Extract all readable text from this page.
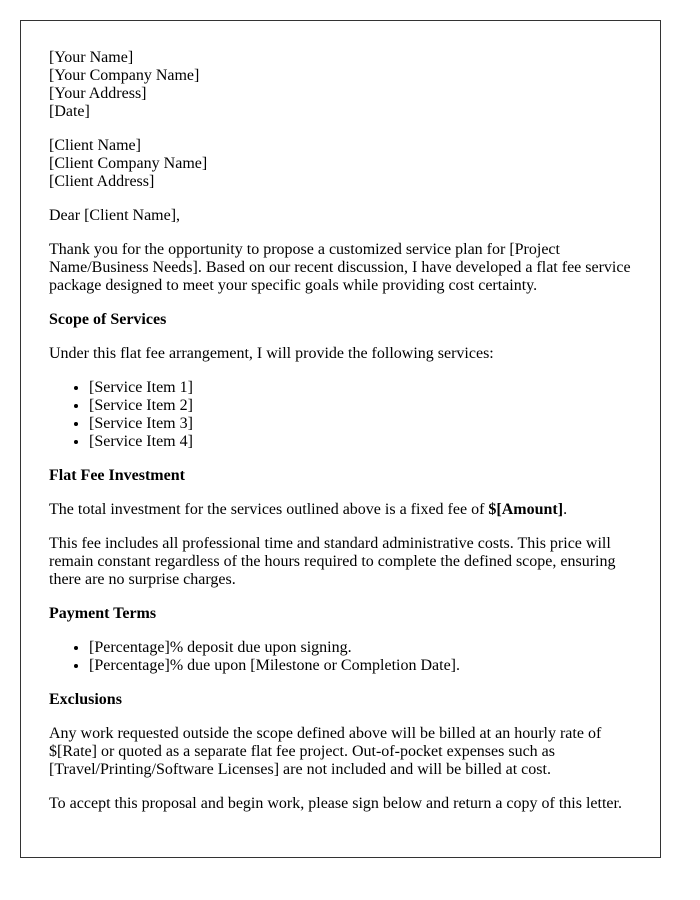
[Your Name]
[Your Company Name]
[Your Address]
[Date]

[Client Name]
[Client Company Name]
[Client Address]

Dear [Client Name],

Thank you for the opportunity to propose a customized service plan for [Project Name/Business Needs]. Based on our recent discussion, I have developed a flat fee service package designed to meet your specific goals while providing cost certainty.

Scope of Services

Under this flat fee arrangement, I will provide the following services:

• [Service Item 1]
• [Service Item 2]
• [Service Item 3]
• [Service Item 4]

Flat Fee Investment

The total investment for the services outlined above is a fixed fee of $[Amount].

This fee includes all professional time and standard administrative costs. This price will remain constant regardless of the hours required to complete the defined scope, ensuring there are no surprise charges.

Payment Terms

• [Percentage]% deposit due upon signing.
• [Percentage]% due upon [Milestone or Completion Date].

Exclusions

Any work requested outside the scope defined above will be billed at an hourly rate of $[Rate] or quoted as a separate flat fee project. Out-of-pocket expenses such as [Travel/Printing/Software Licenses] are not included and will be billed at cost.

To accept this proposal and begin work, please sign below and return a copy of this letter.
